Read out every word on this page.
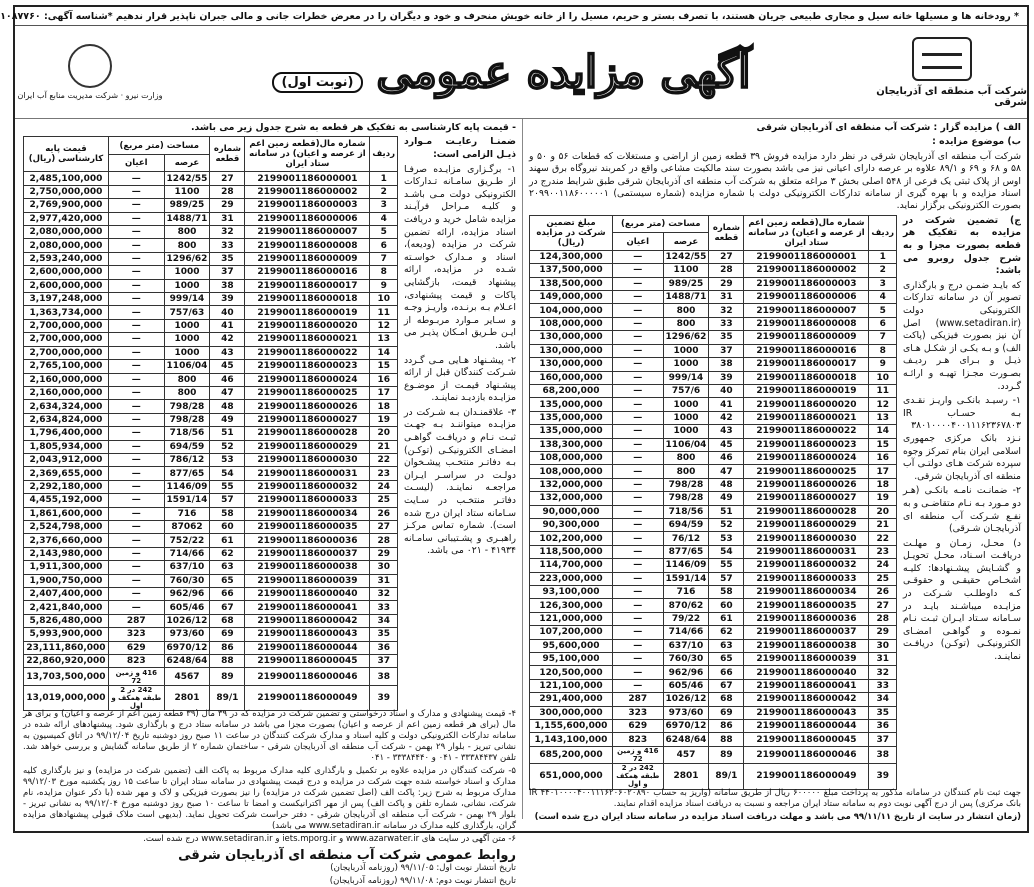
* رودخانه ها و مسیلها خانه سیل و مجاری طبیعی جریان هستند، با تصرف بستر و حریم، مسیل را از خانه خویش منحرف و خود و دیگران را در معرض خطرات جانی و مالی جبران ناپذیر قرار ندهیم *
شناسه آگهی: ۱۰۸۷۷۶۰
شرکت آب منطقه ای آذربایجان شرقی
آگهی مزایده عمومی (نوبت اول)
وزارت نیرو · شرکت مدیریت منابع آب ایران

الف ) مزایده گزار : شرکت آب منطقه ای آذربایجان شرقی

ب) موضوع مزایده :

شرکت آب منطقه ای آذربایجان شرقی در نظر دارد مزایده فروش ۳۹ قطعه زمین از اراضی و مستغلات که قطعات ۵۶ و ۵۰ و ۵۸ و ۶۸ و ۶۹ و ۸۹/۱ علاوه بر عرصه دارای اعیانی نیز می باشد بصورت سند مالکیت مشاعی واقع در کمربند نیروگاه برق سهند اوس از پلاک ثبتی یک فرعی از ۵۴۸ اصلی بخش ۳ مراغه متعلق به شرکت آب منطقه ای آذربایجان شرقی طبق شرایط مندرج در اسناد مزایده و با بهره گیری از سامانه تدارکات الکترونیکی دولت با شماره مزایده (شماره سیستمی) ۲۰۹۹۰۰۱۱۸۶۰۰۰۰۰۱ بصورت الکترونیکی برگزار نماید.

ج) تضمین شرکت در مزایده به تفکیک هر قطعه بصورت مجزا و به شرح جدول روبرو می باشد:

که بایـد ضمـن درج و بارگذاری تصویر آن در سامانه تدارکات الکترونیکی دولت (www.setadiran.ir) اصل آن نیز بصورت فیزیکی (پاکت الف) و بـه یکـی از شکـل هـای ذیـل و بـرای هـر ردیـف بصـورت مجـزا تهیـه و ارائـه گـردد.

۱- رسیـد بانکـی واریـز نقـدی بـه حسـاب IR ۳۸۰۱۰۰۰۰۴۰۰۱۱۱۶۲۳۶۷۸۰۳ نـزد بانک مرکزی جمهوری اسلامی ایران بنام تمرکز وجوه سپرده شرکت هـای دولتـی آب منطقه ای آذربایجان شرقی.

۲- ضمانـت نامـه بانکـی (هـر دو مـورد بـه نـام متقاضـی و به نفـع شـرکت آب منطقه ای آذربایجـان شـرقی)

د) محـل، زمـان و مهلـت دریافـت اسـناد، محـل تحویـل و گشـایش پیشـنهادها: کلیـه اشخـاص حقیقـی و حقوقـی کـه داوطلـب شـرکت در مزایـده میباشـند بایـد در سـامانه سـتاد ایـران ثبـت نـام نمـوده و گواهـی امضـای الکترونیکـی (توکـن) دریافـت نماینـد.

ردیف	شماره مال(قطعه زمین اعم از عرصه و اعیان) در سامانه ستاد ایران	شماره قطعه	مساحت (متر مربع)		مبلغ تضمین شرکت در مزایده (ریال)
			عرصه	اعیان	
1	2199001186000001	27	1242/55	—	124,300,000
2	2199001186000002	28	1100	—	137,500,000
3	2199001186000003	29	989/25	—	138,500,000
4	2199001186000006	31	1488/71	—	149,000,000
5	2199001186000007	32	800	—	104,000,000
6	2199001186000008	33	800	—	108,000,000
7	2199001186000009	35	1296/62	—	130,000,000
8	2199001186000016	37	1000	—	130,000,000
9	2199001186000017	38	1000	—	130,000,000
10	2199001186000018	39	999/14	—	160,000,000
11	2199001186000019	40	757/6	—	68,200,000
12	2199001186000020	41	1000	—	135,000,000
13	2199001186000021	42	1000	—	135,000,000
14	2199001186000022	43	1000	—	135,000,000
15	2199001186000023	45	1106/04	—	138,300,000
16	2199001186000024	46	800	—	108,000,000
17	2199001186000025	47	800	—	108,000,000
18	2199001186000026	48	798/28	—	132,000,000
19	2199001186000027	49	798/28	—	132,000,000
20	2199001186000028	51	718/56	—	90,000,000
21	2199001186000029	52	694/59	—	90,300,000
22	2199001186000030	53	76/12	—	102,200,000
23	2199001186000031	54	877/65	—	118,500,000
24	2199001186000032	55	1146/09	—	114,700,000
25	2199001186000033	57	1591/14	—	223,000,000
26	2199001186000034	58	716	—	93,100,000
27	2199001186000035	60	870/62	—	126,300,000
28	2199001186000036	61	79/22	—	121,000,000
29	2199001186000037	62	714/66	—	107,200,000
30	2199001186000038	63	637/10	—	95,600,000
31	2199001186000039	65	760/30	—	95,100,000
32	2199001186000040	66	962/96	—	120,500,000
33	2199001186000041	67	605/46	—	121,100,000
34	2199001186000042	68	1026/12	287	291,400,000
35	2199001186000043	69	973/60	323	300,000,000
36	2199001186000044	86	6970/12	629	1,155,600,000
37	2199001186000045	88	6248/64	823	1,143,100,000
38	2199001186000046	89	457	416 و زمین 72	685,200,000
39	2199001186000049	89/1	2801	242 در 2 طبقه همکف و اول	651,000,000

جهت ثبت نام کنندگان در سامانه مذکور به پرداخت مبلغ ۶۰۰۰۰۰ ریال از طریق سامانه (واریز به حساب IR ۴۴۰۱۰۰۰۰۴۰۰۱۱۱۶۲۰۶۰۲۰۸۹۰ بانک مرکزی) پس از درج آگهی نوبت دوم به سامانه ستاد ایران مراجعه و نسبت به دریافت اسناد مزایده اقدام نمایند.

(زمان انتشار در سایت از تاریخ ۹۹/۱۱/۱۱ می باشد و مهلت دریافت اسناد مزایده در سامانه ستاد ایران درج شده است)

- قیمت پایه کارشناسی به تفکیک هر قطعه به شرح جدول زیر می باشد.

ضمنـا رعایـت مـوارد ذیـل الزامی است:

۱- برگـزاری مزایـده صرفـا از طـریق سامـانه تـدارکات الکترونیکی دولت مـی باشـد و کلیـه مـراحل فرآیـند مزایده شامل خرید و دریافت اسناد مزایده، ارائه تضمین شرکت در مزایده (ودیعه)، اسناد و مـدارک خواسـته شـده در مزایده، ارائه پیشنهاد قیمت، بازگشایی پاکات و قیمت پیشنهادی، اعـلام بـه برنـده، واریـز وجـه و سـایر مـوارد مربـوطه از ایـن طـریق امـکان پذیـر می باشد.

۲- پیشـنهاد هـایی مـی گـردد شـرکت کنندگان قبل از ارائه پیشـنهاد قیمـت از موضـوع مزایـده بازدیـد نماینـد.

۳- علاقمنـدان بـه شـرکت در مزایـده میتواننـد بـه جهـت ثبـت نـام و دریافـت گواهـی امضـای الکترونیکـی (توکـن) بـه دفاتـر منتخـب پیشـخوان دولـت در سراسـر ایـران مراجعـه نماینـد. (لیسـت دفاتـر منتخـب در سـایت سـامانه ستاد ایران درج شده است). شماره تماس مرکـز راهبـری و پشـتیبانی سامـانه ۴۱۹۳۴ - ۰۲۱ می باشد.

ردیف	شماره مال(قطعه زمین اعم از عرصه و اعیان) در سامانه ستاد ایران	شماره قطعه	مساحت (متر مربع)		قیمت پایه کارشناسی (ریال)
			عرصه	اعیان	
1	2199001186000001	27	1242/55	—	2,485,100,000
2	2199001186000002	28	1100	—	2,750,000,000
3	2199001186000003	29	989/25	—	2,769,900,000
4	2199001186000006	31	1488/71	—	2,977,420,000
5	2199001186000007	32	800	—	2,080,000,000
6	2199001186000008	33	800	—	2,080,000,000
7	2199001186000009	35	1296/62	—	2,593,240,000
8	2199001186000016	37	1000	—	2,600,000,000
9	2199001186000017	38	1000	—	2,600,000,000
10	2199001186000018	39	999/14	—	3,197,248,000
11	2199001186000019	40	757/63	—	1,363,734,000
12	2199001186000020	41	1000	—	2,700,000,000
13	2199001186000021	42	1000	—	2,700,000,000
14	2199001186000022	43	1000	—	2,700,000,000
15	2199001186000023	45	1106/04	—	2,765,100,000
16	2199001186000024	46	800	—	2,160,000,000
17	2199001186000025	47	800	—	2,160,000,000
18	2199001186000026	48	798/28	—	2,634,324,000
19	2199001186000027	49	798/28	—	2,634,824,000
20	2199001186000028	51	718/56	—	1,796,400,000
21	2199001186000029	52	694/59	—	1,805,934,000
22	2199001186000030	53	786/12	—	2,043,912,000
23	2199001186000031	54	877/65	—	2,369,655,000
24	2199001186000032	55	1146/09	—	2,292,180,000
25	2199001186000033	57	1591/14	—	4,455,192,000
26	2199001186000034	58	716	—	1,861,600,000
27	2199001186000035	60	87062	—	2,524,798,000
28	2199001186000036	61	752/22	—	2,376,660,000
29	2199001186000037	62	714/66	—	2,143,980,000
30	2199001186000038	63	637/10	—	1,911,300,000
31	2199001186000039	65	760/30	—	1,900,750,000
32	2199001186000040	66	962/96	—	2,407,400,000
33	2199001186000041	67	605/46	—	2,421,840,000
34	2199001186000042	68	1026/12	287	5,826,480,000
35	2199001186000043	69	973/60	323	5,993,900,000
36	2199001186000044	86	6970/12	629	23,111,860,000
37	2199001186000045	88	6248/64	823	22,860,920,000
38	2199001186000046	89	4567	416 و زمین 72	13,703,500,000
39	2199001186000049	89/1	2801	242 در 2 طبقه همکف و اول	13,019,000,000

۴- قیمت پیشنهادی و مدارک و اسناد درخواستی و تضمین شرکت در مزایده که در ۳۹ مال (۳۹ قطعه زمین اعم از عرصه و اعیان) و برای هر مال (برای هر قطعه زمین اعم از عرصه و اعیان) بصورت مجزا می باشد در سامانه ستاد درج و بارگذاری شود. پیشنهادهای ارائه شده در سامانه تدارکات الکترونیکی دولت و کلیه اسناد و مدارک شرکت کنندگان در ساعت ۱۱ صبح روز دوشنبه تاریخ ۹۹/۱۲/۰۴ در اتاق کمیسیون به نشانی تبریز - بلوار ۲۹ بهمن - شرکت آب منطقه ای آذربایجان شرقی - ساختمان شماره ۲ از طریق سامانه گشایش و بررسی خواهد شد. تلفن ۳۳۳۸۴۴۳۷ - ۰۴۱ و ۳۳۳۸۴۴۴۰ - ۰۴۱

۵- شرکت کنندگان در مزایده علاوه بر تکمیل و بارگذاری کلیه مدارک مربوط به پاکت الف (تضمین شرکت در مزایده) و نیز بارگذاری کلیه مدارک و اسناد خواسته شده جهت شرکت در مزایده و درج قیمت پیشنهادی در سامانه ستاد ایران تا ساعت ۱۵ روز یکشنبه مورخ ۹۹/۱۲/۰۳ مدارک مربوط به شرح زیر: پاکت الف (اصل تضمین شرکت در مزایده) را نیز بصورت فیزیکی و لاک و مهر شده (با ذکر عنوان مزایده، نام شرکت، نشانی، شماره تلفن و پاکت الف) پس از مهر اکترانیکست و امضا تا ساعت ۱۰ صبح روز دوشنبه مورخ ۹۹/۱۲/۰۴ به نشانی تبریز - بلوار ۲۹ بهمن - شرکت آب منطقه ای آذربایجان شرقی - دفتر حراست شرکت تحویل نماید. (بدیهی است ملاک قبولی پیشنهادهای مزایده گران، بارگذاری کلیه مدارک در سامانه www.setadiran.ir می باشد)

۶- متن آگهی در سایت های www.azarwater.ir و iets.mporg.ir و www.setadiran.ir درج شده است.

روابط عمومی شرکت آب منطقه ای آذربایجان شرقی

تاریخ انتشار نوبت اول: ۹۹/۱۱/۰۵ (روزنامه آذربایجان)

تاریخ انتشار نوبت دوم: ۹۹/۱۱/۰۸ (روزنامه آذربایجان)
